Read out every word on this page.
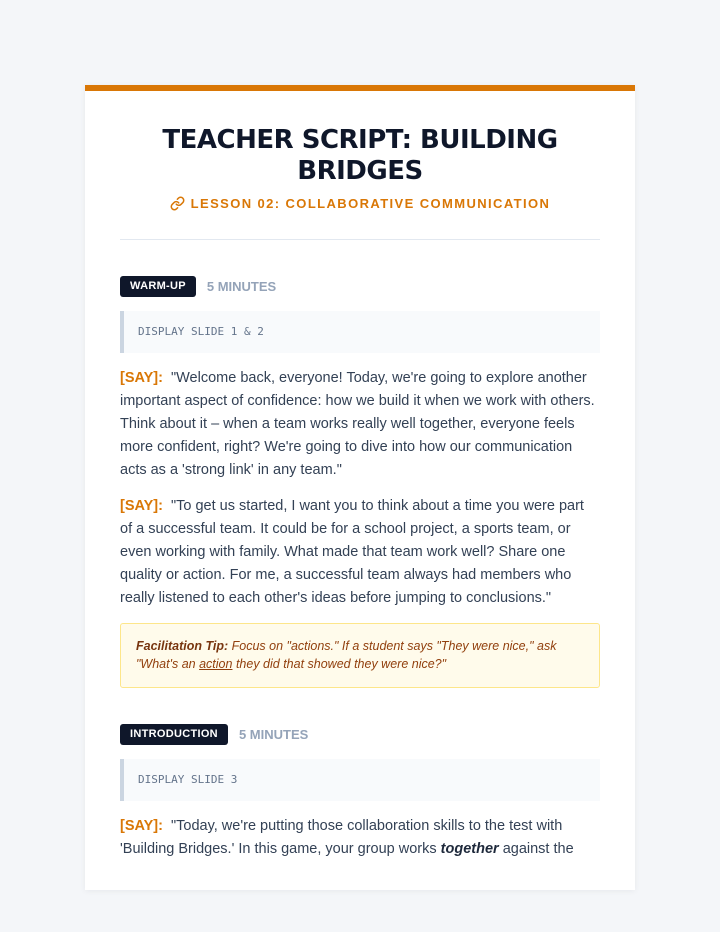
TEACHER SCRIPT: BUILDING BRIDGES
LESSON 02: COLLABORATIVE COMMUNICATION
WARM-UP	5 MINUTES
DISPLAY SLIDE 1 & 2

[SAY]: "Welcome back, everyone! Today, we're going to explore another important aspect of confidence: how we build it when we work with others. Think about it – when a team works really well together, everyone feels more confident, right? We're going to dive into how our communication acts as a 'strong link' in any team."

[SAY]: "To get us started, I want you to think about a time you were part of a successful team. It could be for a school project, a sports team, or even working with family. What made that team work well? Share one quality or action. For me, a successful team always had members who really listened to each other's ideas before jumping to conclusions."

Facilitation Tip: Focus on "actions." If a student says "They were nice," ask "What's an action they did that showed they were nice?"
INTRODUCTION	5 MINUTES
DISPLAY SLIDE 3

[SAY]: "Today, we're putting those collaboration skills to the test with 'Building Bridges.' In this game, your group works together against the
